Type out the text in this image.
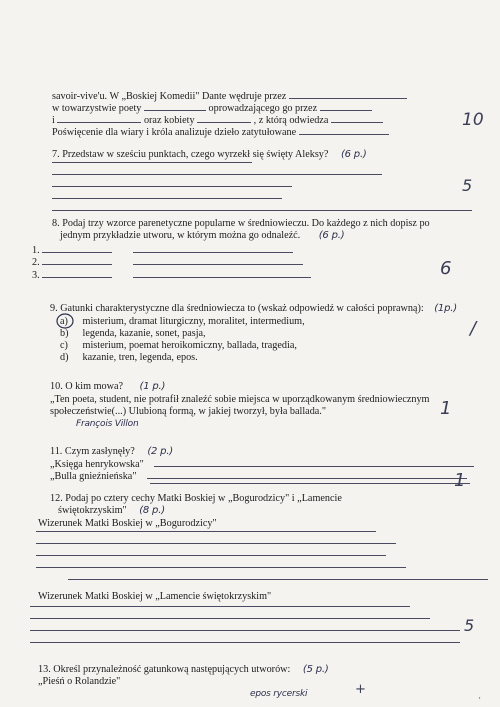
savoir-vive'u. W „Boskiej Komedii" Dante wędruje przez
w towarzystwie poety	oprowadzającego go przez
i	oraz kobiety	, z którą odwiedza
Poświęcenie dla wiary i króla analizuje dzieło zatytułowane
7. Przedstaw w sześciu punktach, czego wyrzekł się święty Aleksy? (6 p.)
8. Podaj trzy wzorce parenetyczne popularne w średniowieczu. Do każdego z nich dopisz po
jednym przykładzie utworu, w którym można go odnaleźć. (6 p.)
1.
2.
3.
9. Gatunki charakterystyczne dla średniowiecza to (wskaż odpowiedź w całości poprawną): (1p.)
a) misterium, dramat liturgiczny, moralitet, intermedium,
b) legenda, kazanie, sonet, pasja,
c) misterium, poemat heroikomiczny, ballada, tragedia,
d) kazanie, tren, legenda, epos.
10. O kim mowa? (1 p.)
„Ten poeta, student, nie potrafił znaleźć sobie miejsca w uporządkowanym średniowiecznym
społeczeństwie(...) Ulubioną formą, w jakiej tworzył, była ballada."
François Villon
11. Czym zasłynęły? (2 p.)
„Księga henrykowska"
„Bulla gnieźnieńska"
12. Podaj po cztery cechy Matki Boskiej w „Bogurodzicy" i „Lamencie
świętokrzyskim" (8 p.)
Wizerunek Matki Boskiej w „Bogurodzicy"
Wizerunek Matki Boskiej w „Lamencie świętokrzyskim"
13. Określ przynależność gatunkową następujących utworów: (5 p.)
„Pieśń o Rolandzie"
epos rycerski
10
5
6
/
1
1
5
+
·
